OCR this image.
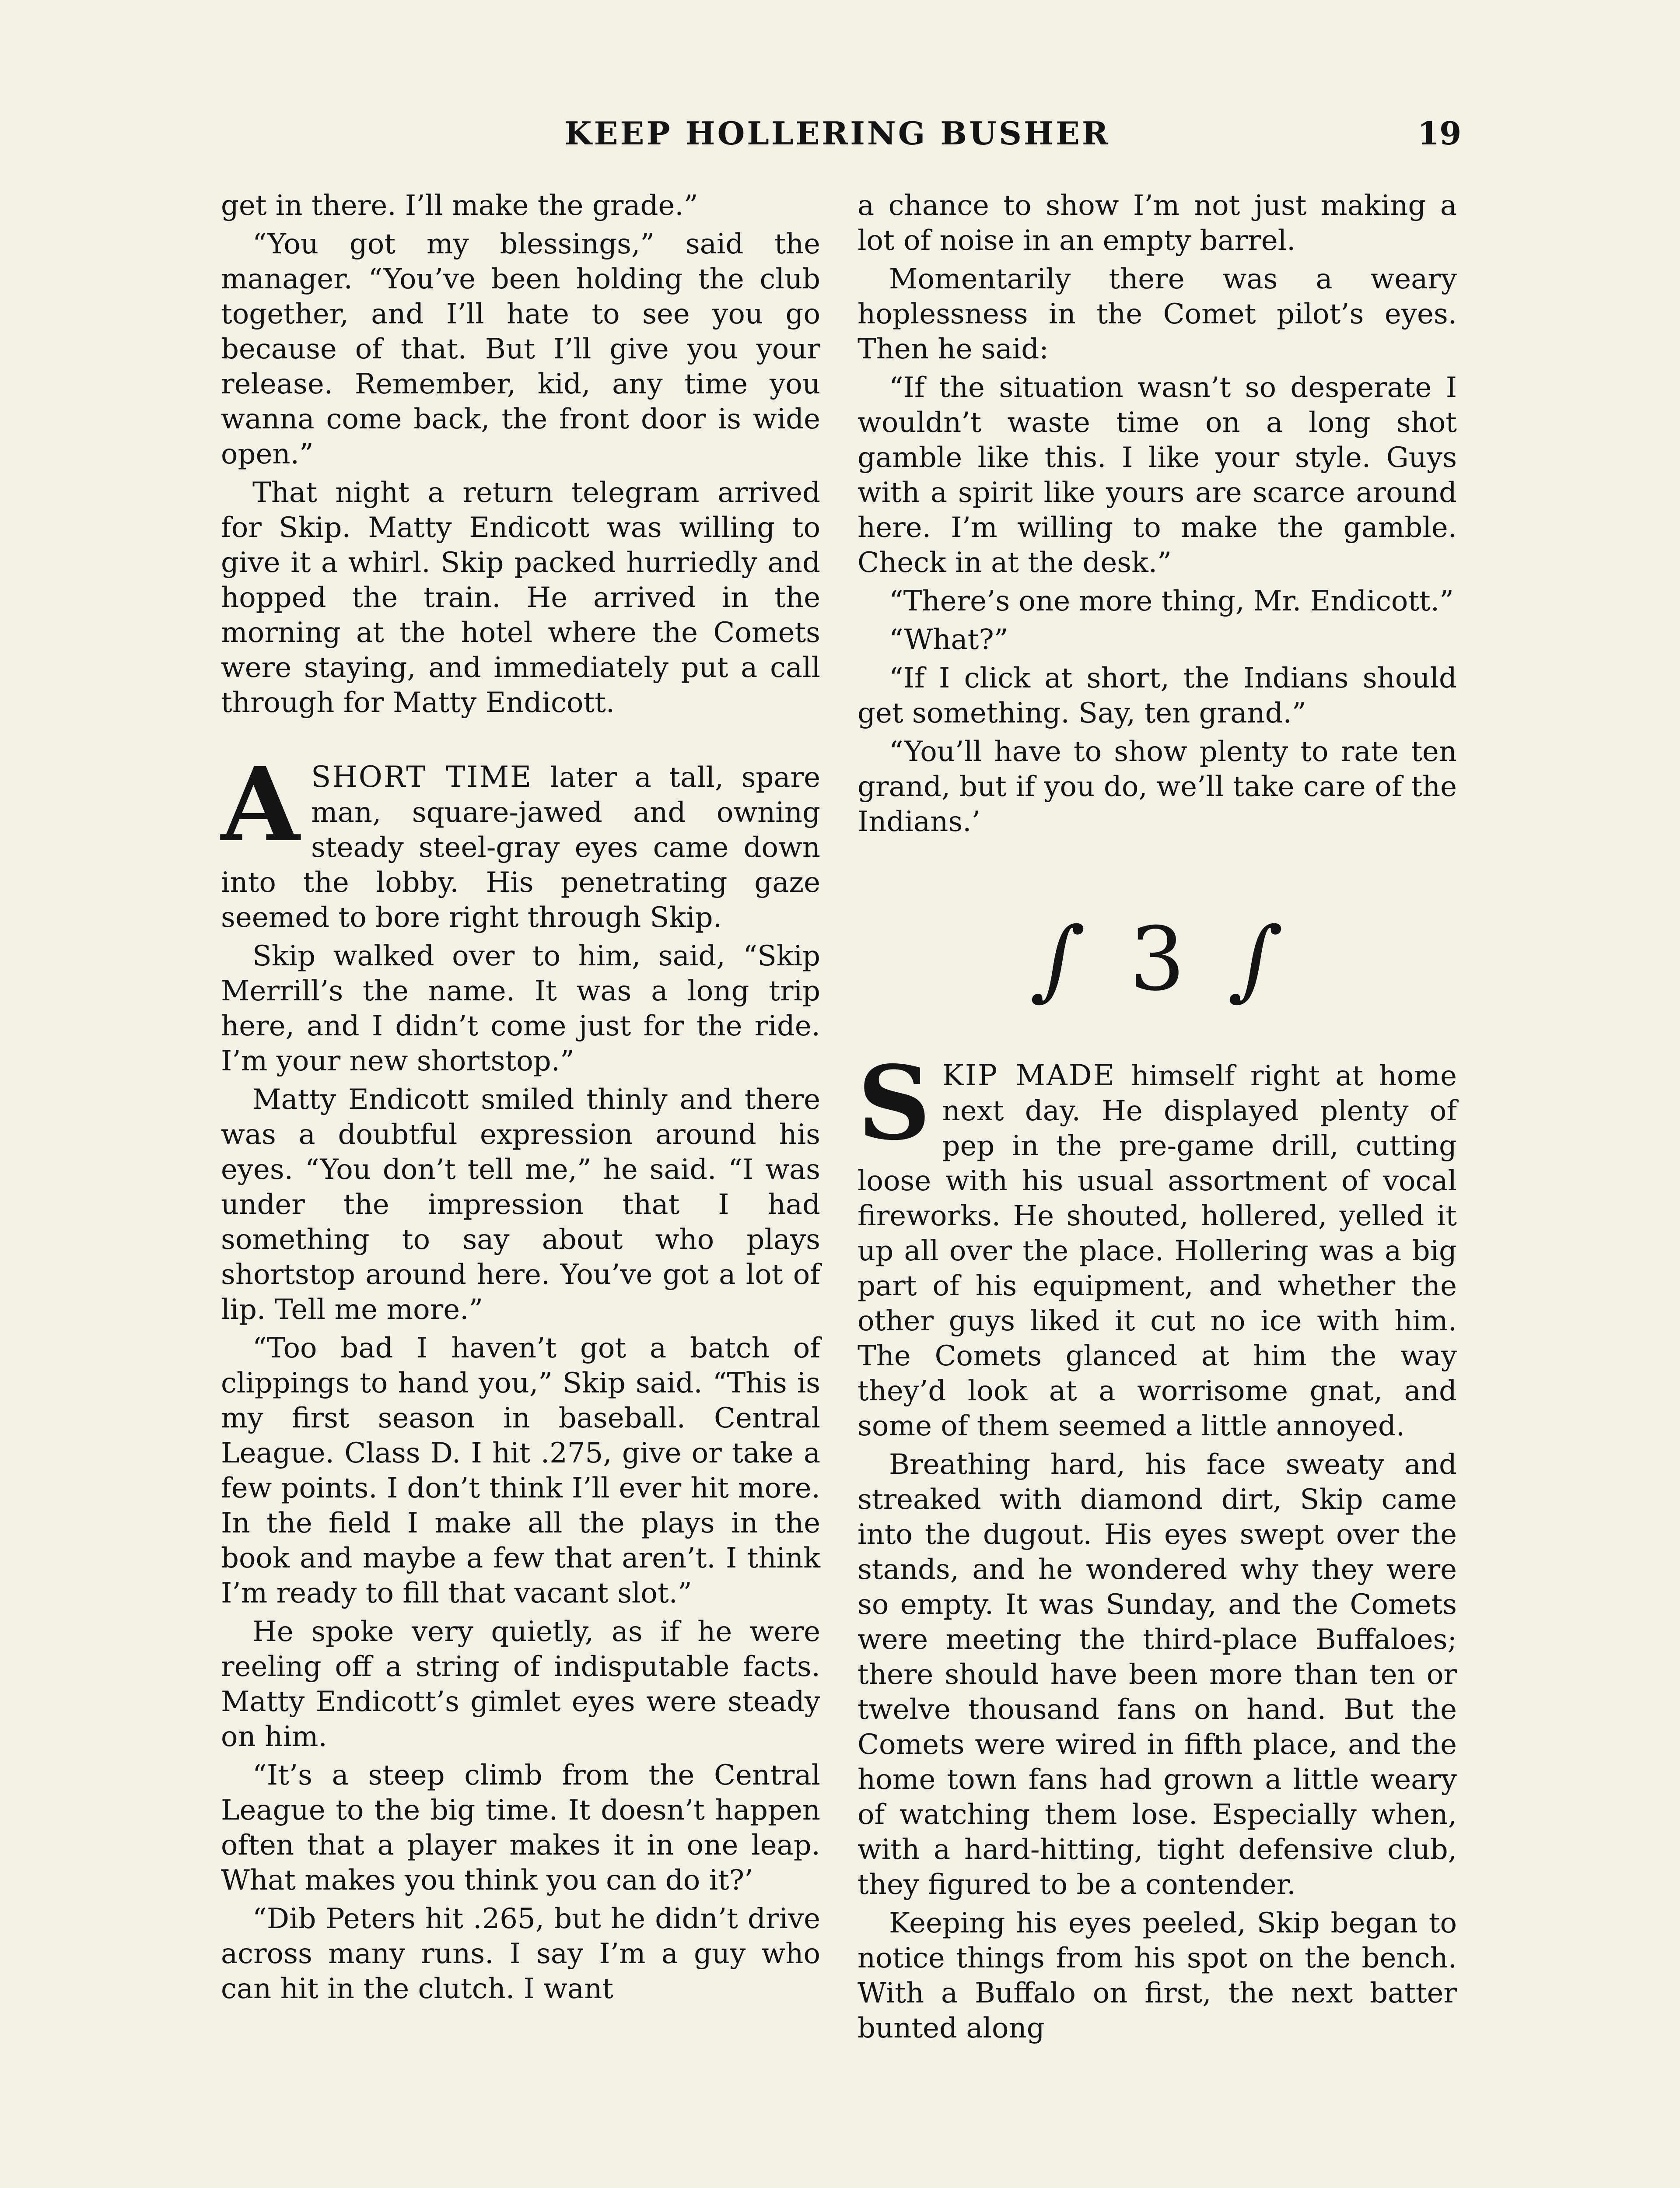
KEEP HOLLERING BUSHER	19

get in there. I’ll make the grade.”

“You got my blessings,” said the manager. “You’ve been holding the club together, and I’ll hate to see you go because of that. But I’ll give you your release. Remember, kid, any time you wanna come back, the front door is wide open.”

That night a return telegram arrived for Skip. Matty Endicott was willing to give it a whirl. Skip packed hurriedly and hopped the train. He arrived in the morning at the hotel where the Comets were staying, and immediately put a call through for Matty Endicott.

ASHORT TIME later a tall, spare man, square-jawed and owning steady steel-gray eyes came down into the lobby. His penetrating gaze seemed to bore right through Skip.

Skip walked over to him, said, “Skip Merrill’s the name. It was a long trip here, and I didn’t come just for the ride. I’m your new shortstop.”

Matty Endicott smiled thinly and there was a doubtful expression around his eyes. “You don’t tell me,” he said. “I was under the impression that I had something to say about who plays shortstop around here. You’ve got a lot of lip. Tell me more.”

“Too bad I haven’t got a batch of clippings to hand you,” Skip said. “This is my first season in baseball. Central League. Class D. I hit .275, give or take a few points. I don’t think I’ll ever hit more. In the field I make all the plays in the book and maybe a few that aren’t. I think I’m ready to fill that vacant slot.”

He spoke very quietly, as if he were reeling off a string of indisputable facts. Matty Endicott’s gimlet eyes were steady on him.

“It’s a steep climb from the Central League to the big time. It doesn’t happen often that a player makes it in one leap. What makes you think you can do it?’

“Dib Peters hit .265, but he didn’t drive across many runs. I say I’m a guy who can hit in the clutch. I want

a chance to show I’m not just making a lot of noise in an empty barrel.

Momentarily there was a weary hoplessness in the Comet pilot’s eyes. Then he said:

“If the situation wasn’t so desperate I wouldn’t waste time on a long shot gamble like this. I like your style. Guys with a spirit like yours are scarce around here. I’m willing to make the gamble. Check in at the desk.”

“There’s one more thing, Mr. Endicott.”

“What?”

“If I click at short, the Indians should get something. Say, ten grand.”

“You’ll have to show plenty to rate ten grand, but if you do, we’ll take care of the Indians.’

∫ 3 ∫

SKIP MADE himself right at home next day. He displayed plenty of pep in the pre-game drill, cutting loose with his usual assortment of vocal fireworks. He shouted, hollered, yelled it up all over the place. Hollering was a big part of his equipment, and whether the other guys liked it cut no ice with him. The Comets glanced at him the way they’d look at a worrisome gnat, and some of them seemed a little annoyed.

Breathing hard, his face sweaty and streaked with diamond dirt, Skip came into the dugout. His eyes swept over the stands, and he wondered why they were so empty. It was Sunday, and the Comets were meeting the third-place Buffaloes; there should have been more than ten or twelve thousand fans on hand. But the Comets were wired in fifth place, and the home town fans had grown a little weary of watching them lose. Especially when, with a hard-hitting, tight defensive club, they figured to be a contender.

Keeping his eyes peeled, Skip began to notice things from his spot on the bench. With a Buffalo on first, the next batter bunted along
